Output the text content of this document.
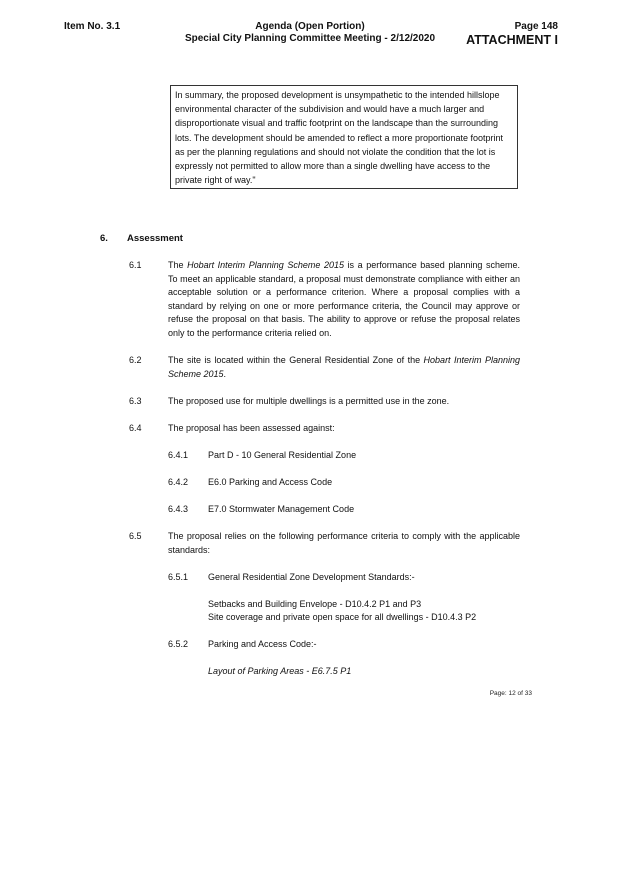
Item No. 3.1	Agenda (Open Portion)
Special City Planning Committee Meeting - 2/12/2020
Page 148
ATTACHMENT I
In summary, the proposed development is unsympathetic to the intended hillslope environmental character of the subdivision and would have a much larger and disproportionate visual and traffic footprint on the landscape than the surrounding lots. The development should be amended to reflect a more proportionate footprint as per the planning regulations and should not violate the condition that the lot is expressly not permitted to allow more than a single dwelling have access to the private right of way."
6. Assessment
6.1	The Hobart Interim Planning Scheme 2015 is a performance based planning scheme. To meet an applicable standard, a proposal must demonstrate compliance with either an acceptable solution or a performance criterion. Where a proposal complies with a standard by relying on one or more performance criteria, the Council may approve or refuse the proposal on that basis. The ability to approve or refuse the proposal relates only to the performance criteria relied on.
6.2	The site is located within the General Residential Zone of the Hobart Interim Planning Scheme 2015.
6.3	The proposed use for multiple dwellings is a permitted use in the zone.
6.4	The proposal has been assessed against:
6.4.1 Part D - 10 General Residential Zone
6.4.2 E6.0 Parking and Access Code
6.4.3 E7.0 Stormwater Management Code
6.5	The proposal relies on the following performance criteria to comply with the applicable standards:
6.5.1 General Residential Zone Development Standards:-
Setbacks and Building Envelope - D10.4.2 P1 and P3
Site coverage and private open space for all dwellings - D10.4.3 P2
6.5.2 Parking and Access Code:-
Layout of Parking Areas - E6.7.5 P1
Page: 12 of 33
